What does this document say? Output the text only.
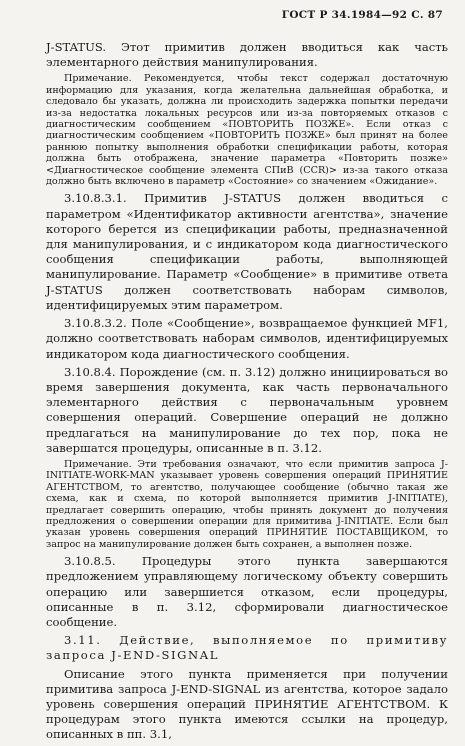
ГОСТ Р 34.1984—92 С. 87

J-STATUS. Этот примитив должен вводиться как часть элементарного действия манипулирования.

Примечание. Рекомендуется, чтобы текст содержал достаточную информацию для указания, когда желательна дальнейшая обработка, и следовало бы указать, должна ли происходить задержка попытки передачи из-за недостатка локальных ресурсов или из-за повторяемых отказов с диагностическим сообщением «ПОВТОРИТЬ ПОЗЖЕ». Если отказ с диагностическим сообщением «ПОВТОРИТЬ ПОЗЖЕ» был принят на более раннюю попытку выполнения обработки спецификации работы, которая должна быть отображена, значение параметра «Повторить позже» <Диагностическое сообщение элемента СПиВ (CCR)> из-за такого отказа должно быть включено в параметр «Состояние» со значением «Ожидание».

3.10.8.3.1. Примитив J-STATUS должен вводиться с параметром «Идентификатор активности агентства», значение которого берется из спецификации работы, предназначенной для манипулирования, и с индикатором кода диагностического сообщения спецификации работы, выполняющей манипулирование. Параметр «Сообщение» в примитиве ответа J-STATUS должен соответствовать наборам символов, идентифицируемых этим параметром.

3.10.8.3.2. Поле «Сообщение», возвращаемое функцией MF1, должно соответствовать наборам символов, идентифицируемых индикатором кода диагностического сообщения.

3.10.8.4. Порождение (см. п. 3.12) должно инициироваться во время завершения документа, как часть первоначального элементарного действия с первоначальным уровнем совершения операций. Совершение операций не должно предлагаться на манипулирование до тех пор, пока не завершатся процедуры, описанные в п. 3.12.

Примечание. Эти требования означают, что если примитив запроса J-INITIATE-WORK-MAN указывает уровень совершения операций ПРИНЯТИЕ АГЕНТСТВОМ, то агентство, получающее сообщение (обычно такая же схема, как и схема, по которой выполняется примитив J-INITIATE), предлагает совершить операцию, чтобы принять документ до получения предложения о совершении операции для примитива J-INITIATE. Если был указан уровень совершения операций ПРИНЯТИЕ ПОСТАВЩИКОМ, то запрос на манипулирование должен быть сохранен, а выполнен позже.

3.10.8.5. Процедуры этого пункта завершаются предложением управляющему логическому объекту совершить операцию или завершиется отказом, если процедуры, описанные в п. 3.12, сформировали диагностическое сообщение.

3.11. Действие, выполняемое по примитиву запроса J-END-SIGNAL

Описание этого пункта применяется при получении примитива запроса J-END-SIGNAL из агентства, которое задало уровень совершения операций ПРИНЯТИЕ АГЕНТСТВОМ. К процедурам этого пункта имеются ссылки на процедур, описанных в пп. 3.1,
